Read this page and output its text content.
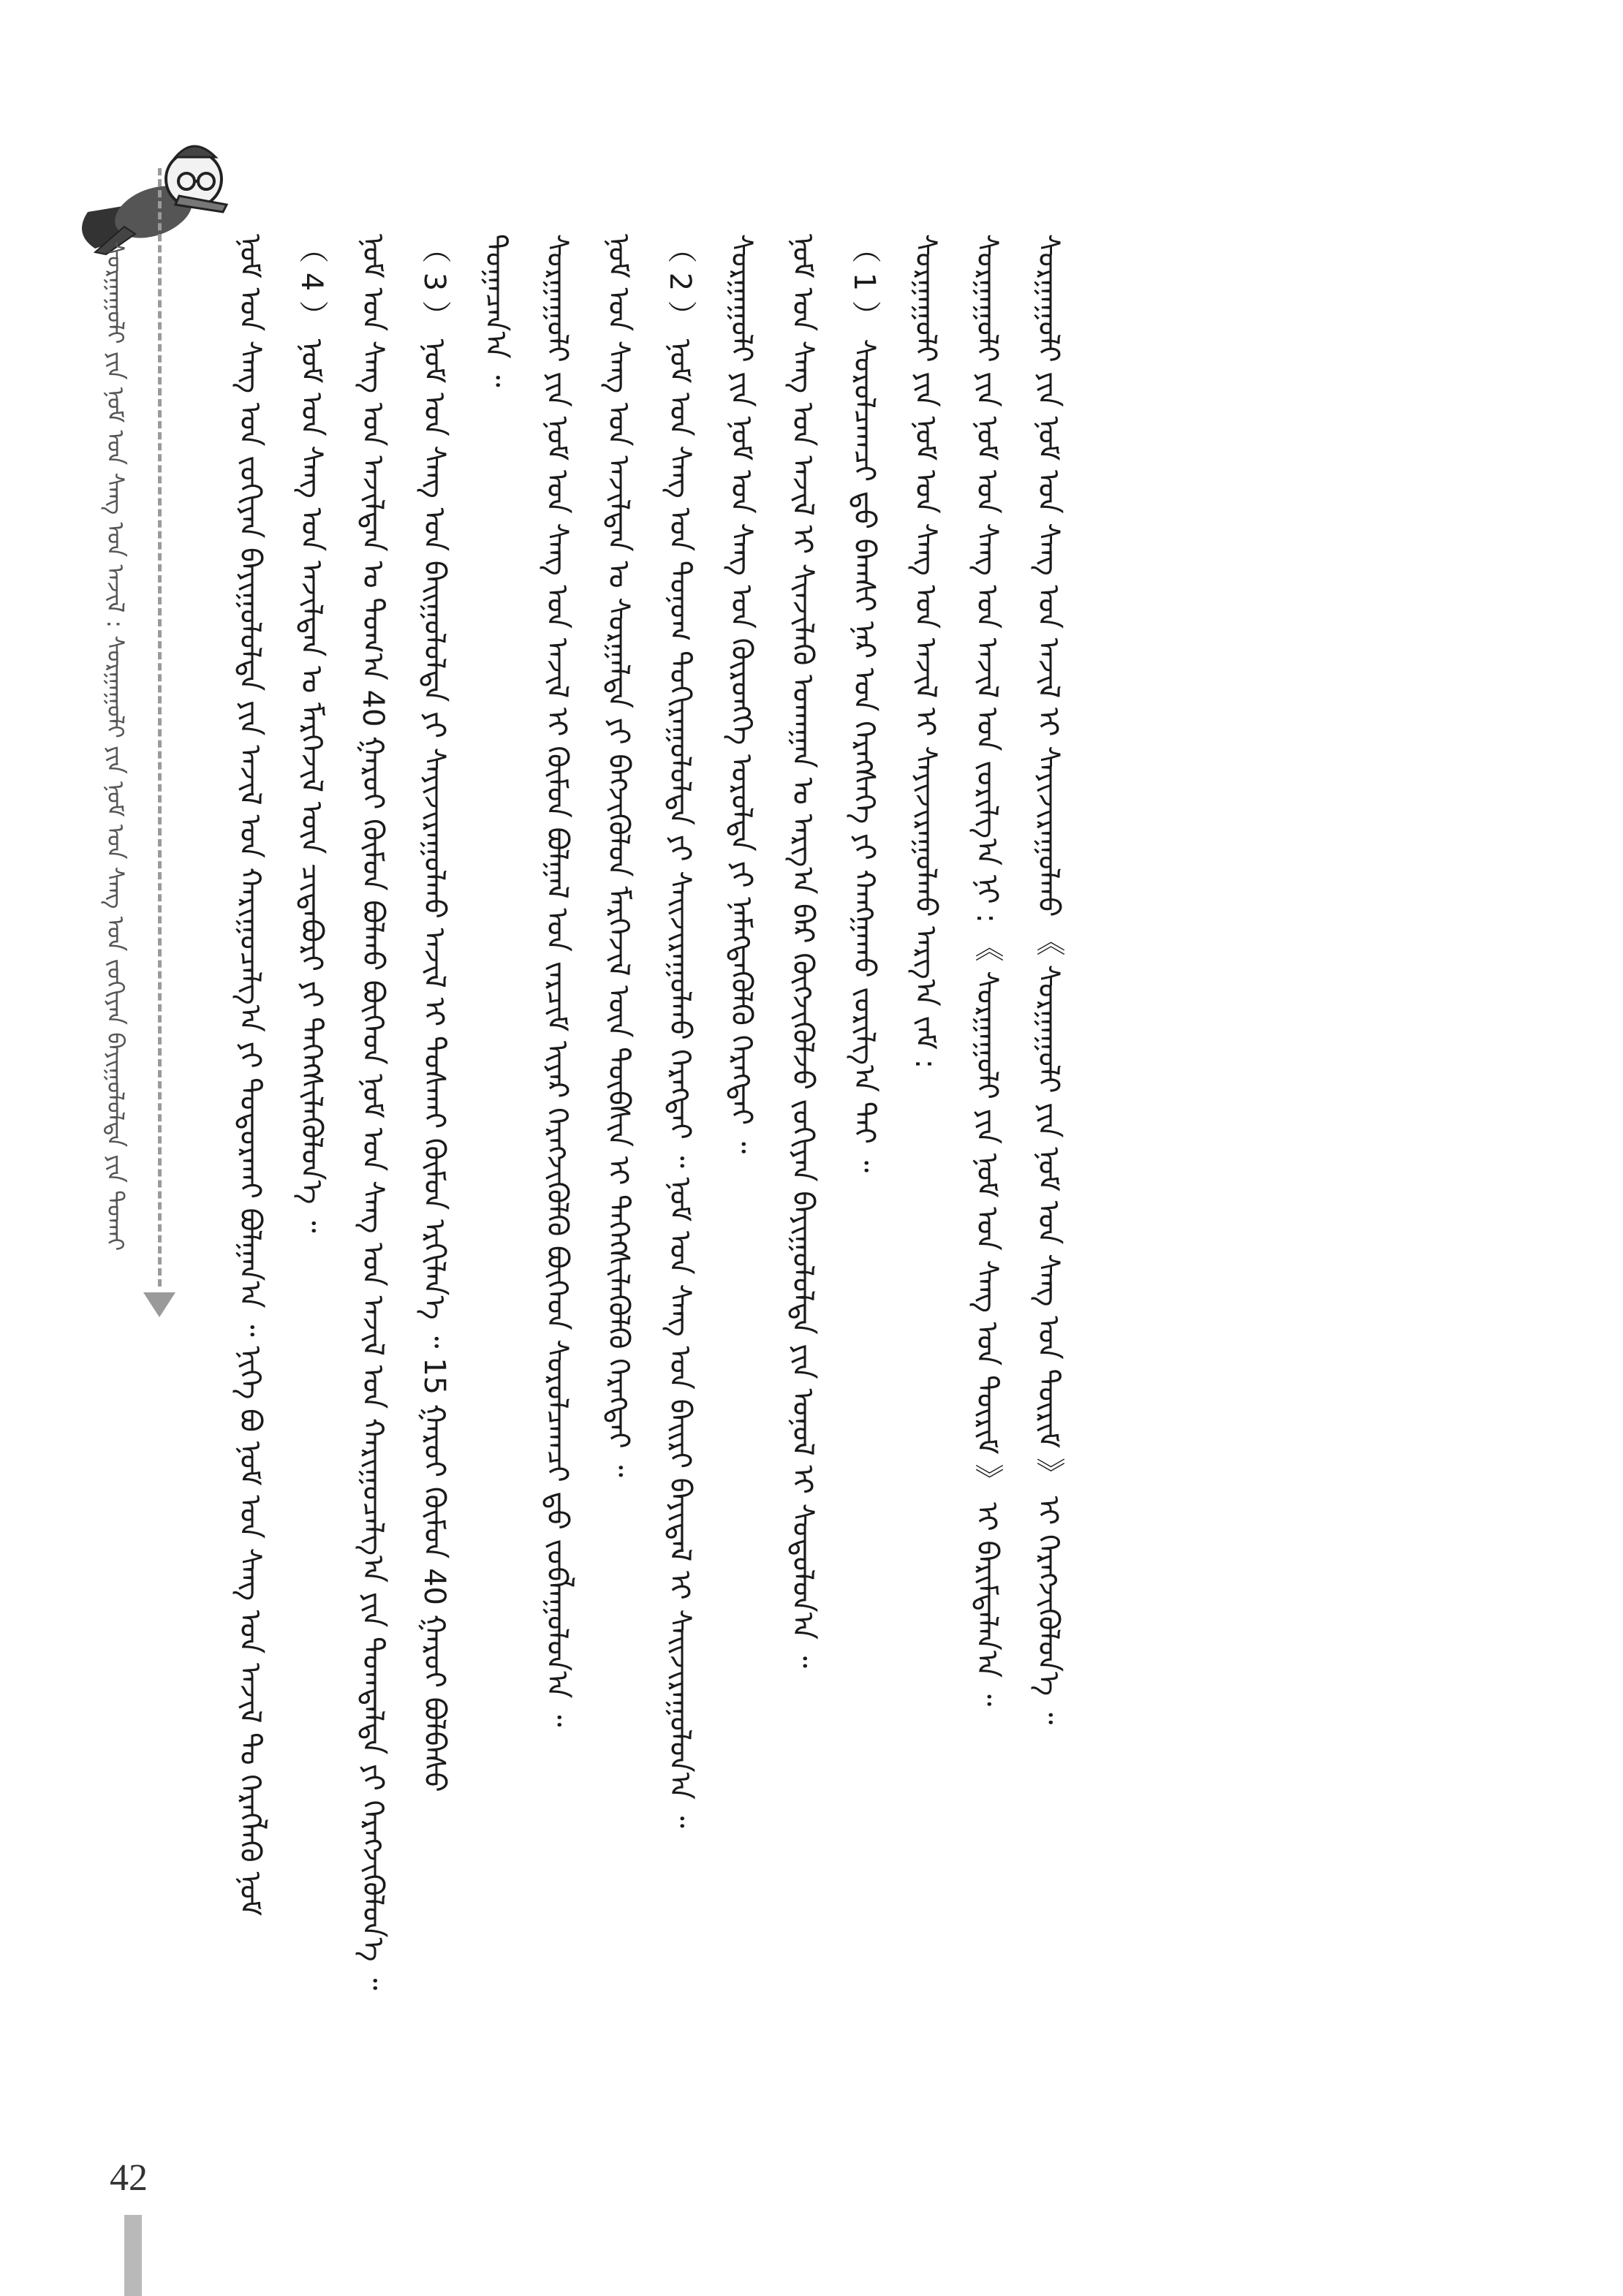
ᠰᠤᠷᠭᠠᠭᠤᠯᠢ ᠶᠢᠨ ᠨᠣᠮ ᠤᠨ ᠰᠠᠩ ᠤᠨ ᠠᠵᠢᠯ : ᠰᠤᠷᠭᠠᠭᠤᠯᠢ ᠶᠢᠨ ᠨᠣᠮ ᠤᠨ ᠰᠠᠩ ᠤᠨ ᠵᠣᠬᠢᠶᠠᠨ ᠪᠠᠶᠢᠭᠤᠯᠤᠯᠲᠠ ᠶᠢᠨ ᠲᠤᠬᠠᠢ	ᠨᠣᠮ ᠤᠨ ᠰᠠᠩ ᠤᠨ ᠵᠣᠬᠢᠶᠠᠨ ᠪᠠᠶᠢᠭᠤᠯᠤᠯᠲᠠ ᠶᠢᠨ ᠠᠵᠢᠯ ᠤᠨ ᠬᠠᠷᠢᠭᠤᠴᠠᠯᠭ᠎ᠠ ᠶᠢ ᠲᠣᠳᠤᠷᠬᠠᠢ ᠪᠣᠯᠭᠠᠨ᠎ᠠ ᠃ ᠨᠢᠭᠡ ᠪᠣ ᠨᠣᠮ ᠤᠨ ᠰᠠᠩ ᠤᠨ ᠠᠵᠢᠯ ᠲᠤ ᠬᠡᠷᠡᠭᠯᠡᠬᠦ ᠨᠣᠮ （ 4 ） ᠨᠣᠮ ᠤᠨ ᠰᠠᠩ ᠤᠨ ᠠᠵᠢᠯᠲᠠᠨ ᠤ ᠮᠡᠷᠭᠡᠵᠢᠯ ᠦᠨ ᠴᠢᠳᠠᠪᠤᠷᠢ ᠶᠢ ᠳᠡᠭᠡᠭᠰᠢᠯᠡᠭᠦᠯᠦᠨ᠎ᠡ ᠃ ᠨᠣᠮ ᠤᠨ ᠰᠠᠩ ᠤᠨ ᠠᠵᠢᠯᠲᠠᠨ ᠤ ᠲᠣᠭ᠎ᠠ 40 ᠭᠠᠷᠤᠢ ᠬᠦᠮᠦᠨ ᠪᠣᠯᠬᠤ ᠪᠥᠭᠡᠳ ᠨᠣᠮ ᠤᠨ ᠰᠠᠩ ᠤᠨ ᠠᠵᠢᠯ ᠤᠨ ᠬᠠᠷᠢᠭᠤᠴᠠᠯᠭ᠎ᠠ ᠶᠢᠨ ᠲᠣᠭᠲᠠᠯᠲᠠ ᠶᠢ ᠬᠡᠷᠡᠭᠵᠢᠭᠦᠯᠦᠨ᠎ᠡ ᠃ （ 3 ） ᠨᠣᠮ ᠤᠨ ᠰᠠᠩ ᠤᠨ ᠪᠠᠢᠭᠤᠯᠤᠯᠲᠠ ᠶᠢ ᠰᠠᠶᠢᠵᠢᠷᠠᠭᠤᠯᠬᠤ ᠠᠵᠢᠯ ᠢ ᠲᠤᠰᠬᠠᠢ ᠬᠦᠮᠦᠨ ᠡᠷᠬᠢᠯᠡᠨ᠎ᠡ ᠃ 15 ᠭᠠᠷᠤᠢ ᠬᠦᠮᠦᠨ 40 ᠭᠠᠷᠤᠢ ᠪᠣᠯᠪᠠᠰᠤ ᠲᠣᠭᠠᠴᠠᠨ᠎ᠠ ᠃ ᠰᠤᠷᠭᠠᠭᠤᠯᠢ ᠶᠢᠨ ᠨᠣᠮ ᠤᠨ ᠰᠠᠩ ᠤᠨ ᠠᠵᠢᠯ ᠢ ᠬᠦᠮᠦᠨ ᠪᠣᠯᠭᠠᠯ ᠤᠨ ᠵᠠᠷᠴᠢᠮ ᠢᠶᠠᠷ ᠬᠡᠷᠡᠭᠵᠢᠭᠦᠯᠬᠦ ᠪᠥᠭᠡᠳ ᠰᠤᠷᠤᠯᠴᠠᠭᠴᠢ ᠳ᠋ᠤ ᠵᠣᠪᠯᠠᠭᠤᠯᠤᠨ᠎ᠠ ᠃ ᠨᠣᠮ ᠤᠨ ᠰᠠᠩ ᠤᠨ ᠠᠵᠢᠯᠲᠠᠨ ᠤ ᠰᠤᠷᠭᠠᠯᠲᠠ ᠶᠢ ᠪᠡᠬᠵᠢᠭᠦᠯᠦᠨ ᠮᠡᠷᠭᠡᠵᠢᠯ ᠦᠨ ᠲᠦᠪᠰᠢᠨ ᠢ ᠳᠡᠭᠡᠭᠰᠢᠯᠡᠭᠦᠯᠬᠦ ᠬᠡᠷᠡᠭᠲᠡᠢ ᠃ （ 2 ） ᠨᠣᠮ ᠤᠨ ᠰᠠᠩ ᠤᠨ ᠲᠣᠨᠣᠭ ᠲᠣᠬᠢᠷᠠᠭᠤᠯᠤᠯᠲᠠ ᠶᠢ ᠰᠠᠢᠵᠢᠷᠠᠭᠤᠯᠬᠤ ᠬᠡᠷᠡᠭᠲᠡᠢ ᠃ ᠨᠣᠮ ᠤᠨ ᠰᠠᠩ ᠤᠨ ᠪᠠᠢᠷᠢ ᠪᠠᠶᠢᠳᠠᠯ ᠢ ᠰᠠᠢᠵᠢᠷᠠᠭᠤᠯᠤᠨ᠎ᠠ ᠃ ᠰᠤᠷᠭᠠᠭᠤᠯᠢ ᠶᠢᠨ ᠨᠣᠮ ᠤᠨ ᠰᠠᠩ ᠤᠨ ᠬᠥᠷᠥᠩᠭᠡ ᠣᠷᠤᠯᠲᠠ ᠶᠢ ᠨᠡᠮᠡᠭᠳᠡᠭᠦᠯᠬᠦ ᠬᠡᠷᠡᠭᠲᠡᠢ ᠃ ᠨᠣᠮ ᠤᠨ ᠰᠠᠩ ᠤᠨ ᠠᠵᠢᠯ ᠢ ᠰᠢᠨᠵᠢᠯᠡᠬᠦ ᠤᠬᠠᠭᠠᠨ ᠤ ᠠᠷᠭ᠎ᠠ ᠪᠠᠷ ᠬᠥᠭᠵᠢᠭᠦᠯᠵᠦ ᠵᠣᠬᠢᠶᠠᠨ ᠪᠠᠶᠢᠭᠤᠯᠤᠯᠲᠠ ᠶᠢᠨ ᠣᠨᠣᠯ ᠢ ᠰᠤᠳᠤᠯᠤᠨ᠎ᠠ ᠃ （ 1 ） ᠰᠤᠷᠤᠯᠴᠠᠭᠴᠢ ᠳ᠋ᠤ ᠪᠠᠭᠰᠢ ᠨᠠᠷ ᠤᠨ ᠬᠡᠷᠡᠭᠰᠡᠭᠡ ᠶᠢ ᠬᠠᠩᠭᠠᠬᠤ ᠵᠣᠷᠢᠯᠭ᠎ᠠ ᠲᠠᠢ ᠃ ᠰᠤᠷᠭᠠᠭᠤᠯᠢ ᠶᠢᠨ ᠨᠣᠮ ᠤᠨ ᠰᠠᠩ ᠤᠨ ᠠᠵᠢᠯ ᠢ ᠰᠠᠶᠢᠵᠢᠷᠠᠭᠤᠯᠬᠤ ᠠᠷᠭ᠎ᠠ ᠵᠠᠮ : ᠰᠤᠷᠭᠠᠭᠤᠯᠢ ᠶᠢᠨ ᠨᠣᠮ ᠤᠨ ᠰᠠᠩ ᠤᠨ ᠠᠵᠢᠯ ᠤᠨ ᠵᠣᠷᠢᠯᠭ᠎ᠠ ᠨᠢ : 《 ᠰᠤᠷᠭᠠᠭᠤᠯᠢ ᠶᠢᠨ ᠨᠣᠮ ᠤᠨ ᠰᠠᠩ ᠤᠨ ᠳᠦᠷᠢᠮ 》 ᠢ ᠪᠠᠷᠢᠮᠲᠠᠯᠠᠨ᠎ᠠ ᠃ ᠰᠤᠷᠭᠠᠭᠤᠯᠢ ᠶᠢᠨ ᠨᠣᠮ ᠤᠨ ᠰᠠᠩ ᠤᠨ ᠠᠵᠢᠯ ᠢ ᠰᠠᠶᠢᠵᠢᠷᠠᠭᠤᠯᠬᠤ 《 ᠰᠤᠷᠭᠠᠭᠤᠯᠢ ᠶᠢᠨ ᠨᠣᠮ ᠤᠨ ᠰᠠᠩ ᠤᠨ ᠳᠦᠷᠢᠮ 》 ᠢ ᠬᠡᠷᠡᠭᠵᠢᠭᠦᠯᠦᠨ᠎ᠡ ᠃
42
